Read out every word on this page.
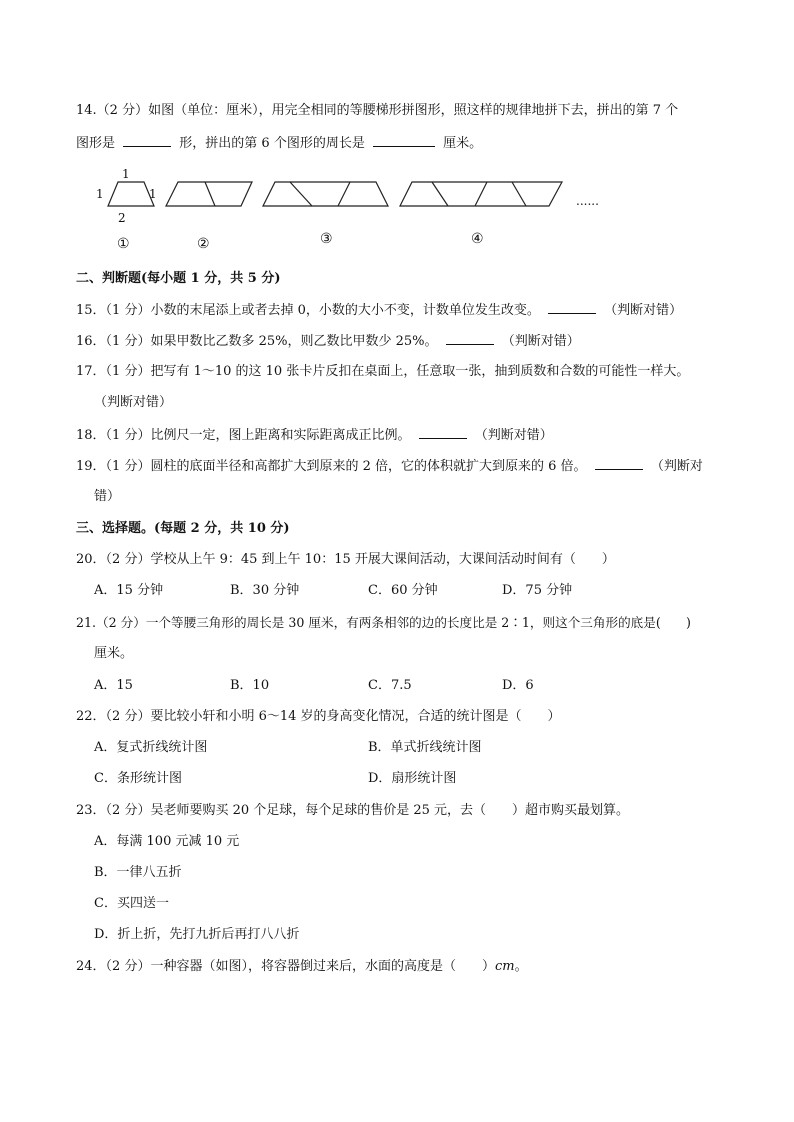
14.（2 分）如图（单位：厘米），用完全相同的等腰梯形拼图形，照这样的规律地拼下去，拼出的第 7 个
图形是	形，拼出的第 6 个图形的周长是	厘米。
1
1	1
2
......
①	②	③	④
二、判断题(每小题 1 分，共 5 分)
15．（1 分）小数的末尾添上或者去掉 0，小数的大小不变，计数单位发生改变。	（判断对错）
16．（1 分）如果甲数比乙数多 25%，则乙数比甲数少 25%。	（判断对错）
17．（1 分）把写有 1～10 的这 10 张卡片反扣在桌面上，任意取一张，抽到质数和合数的可能性一样大。
（判断对错）
18．（1 分）比例尺一定，图上距离和实际距离成正比例。	（判断对错）
19．（1 分）圆柱的底面半径和高都扩大到原来的 2 倍，它的体积就扩大到原来的 6 倍。	（判断对
错）
三、选择题。(每题 2 分，共 10 分)
20．（2 分）学校从上午 9：45 到上午 10：15 开展大课间活动，大课间活动时间有（　　）
A．15 分钟	B．30 分钟	C．60 分钟	D．75 分钟
21.（2 分）一个等腰三角形的周长是 30 厘米，有两条相邻的边的长度比是 2∶1，则这个三角形的底是(　　)
厘米。
A．15	B．10	C．7.5	D．6
22．（2 分）要比较小轩和小明 6～14 岁的身高变化情况，合适的统计图是（　　）
A．复式折线统计图	B．单式折线统计图
C．条形统计图	D．扇形统计图
23．（2 分）吴老师要购买 20 个足球，每个足球的售价是 25 元，去（　　）超市购买最划算。
A．每满 100 元减 10 元
B．一律八五折
C．买四送一
D．折上折，先打九折后再打八八折
24．（2 分）一种容器（如图），将容器倒过来后，水面的高度是（　　）cm。
